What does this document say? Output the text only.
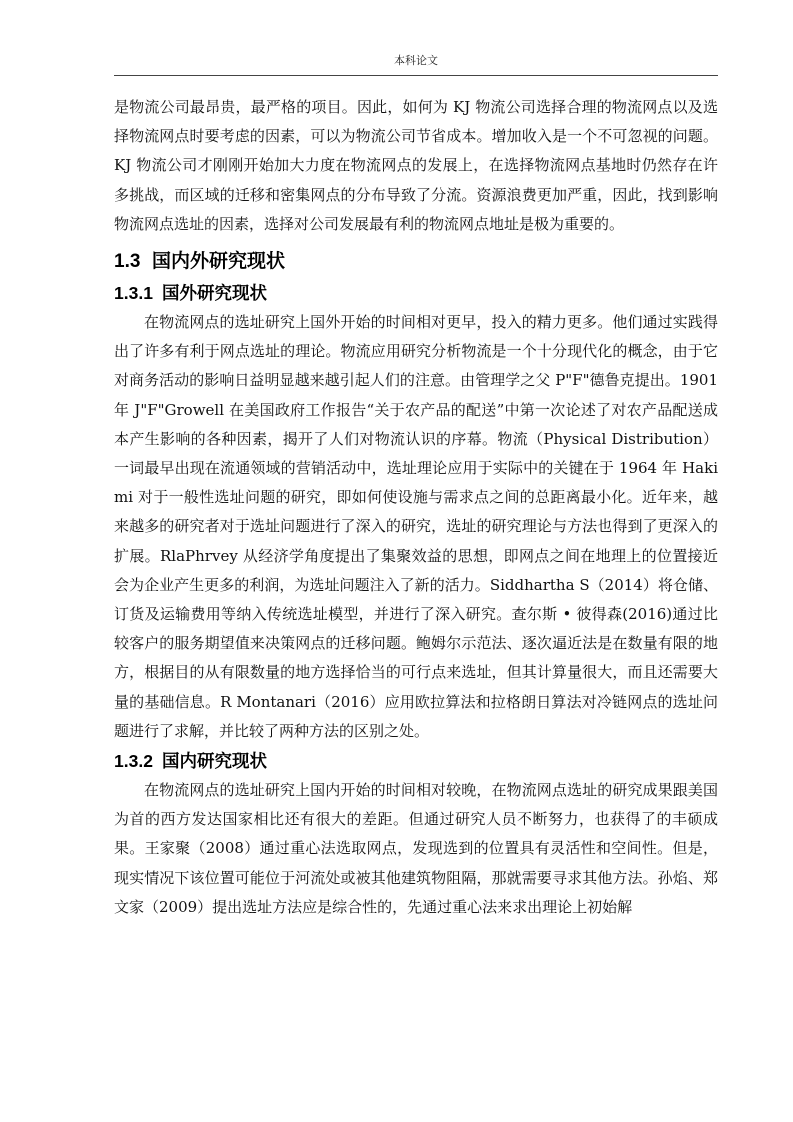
本科论文

是物流公司最昂贵，最严格的项目。因此，如何为 KJ 物流公司选择合理的物流网点以及选择物流网点时要考虑的因素，可以为物流公司节省成本。增加收入是一个不可忽视的问题。KJ 物流公司才刚刚开始加大力度在物流网点的发展上，在选择物流网点基地时仍然存在许多挑战，而区域的迁移和密集网点的分布导致了分流。资源浪费更加严重，因此，找到影响物流网点选址的因素，选择对公司发展最有利的物流网点地址是极为重要的。

1.3 国内外研究现状
1.3.1 国外研究现状

在物流网点的选址研究上国外开始的时间相对更早，投入的精力更多。他们通过实践得出了许多有利于网点选址的理论。物流应用研究分析物流是一个十分现代化的概念，由于它对商务活动的影响日益明显越来越引起人们的注意。由管理学之父 P"F"德鲁克提出。1901 年 J"F"Growell 在美国政府工作报告“关于农产品的配送”中第一次论述了对农产品配送成本产生影响的各种因素，揭开了人们对物流认识的序幕。物流（Physical Distribution）一词最早出现在流通领域的营销活动中，选址理论应用于实际中的关键在于 1964 年 Hakimi 对于一般性选址问题的研究，即如何使设施与需求点之间的总距离最小化。近年来，越来越多的研究者对于选址问题进行了深入的研究，选址的研究理论与方法也得到了更深入的扩展。RlaPhrvey 从经济学角度提出了集聚效益的思想，即网点之间在地理上的位置接近会为企业产生更多的利润，为选址问题注入了新的活力。Siddhartha S（2014）将仓储、订货及运输费用等纳入传统选址模型，并进行了深入研究。查尔斯 • 彼得森(2016)通过比较客户的服务期望值来决策网点的迁移问题。鲍姆尔示范法、逐次逼近法是在数量有限的地方，根据目的从有限数量的地方选择恰当的可行点来选址，但其计算量很大，而且还需要大量的基础信息。R Montanari（2016）应用欧拉算法和拉格朗日算法对冷链网点的选址问题进行了求解，并比较了两种方法的区别之处。

1.3.2 国内研究现状

在物流网点的选址研究上国内开始的时间相对较晚，在物流网点选址的研究成果跟美国为首的西方发达国家相比还有很大的差距。但通过研究人员不断努力，也获得了的丰硕成果。王家聚（2008）通过重心法选取网点，发现选到的位置具有灵活性和空间性。但是，现实情况下该位置可能位于河流处或被其他建筑物阻隔，那就需要寻求其他方法。孙焰、郑文家（2009）提出选址方法应是综合性的，先通过重心法来求出理论上初始解
